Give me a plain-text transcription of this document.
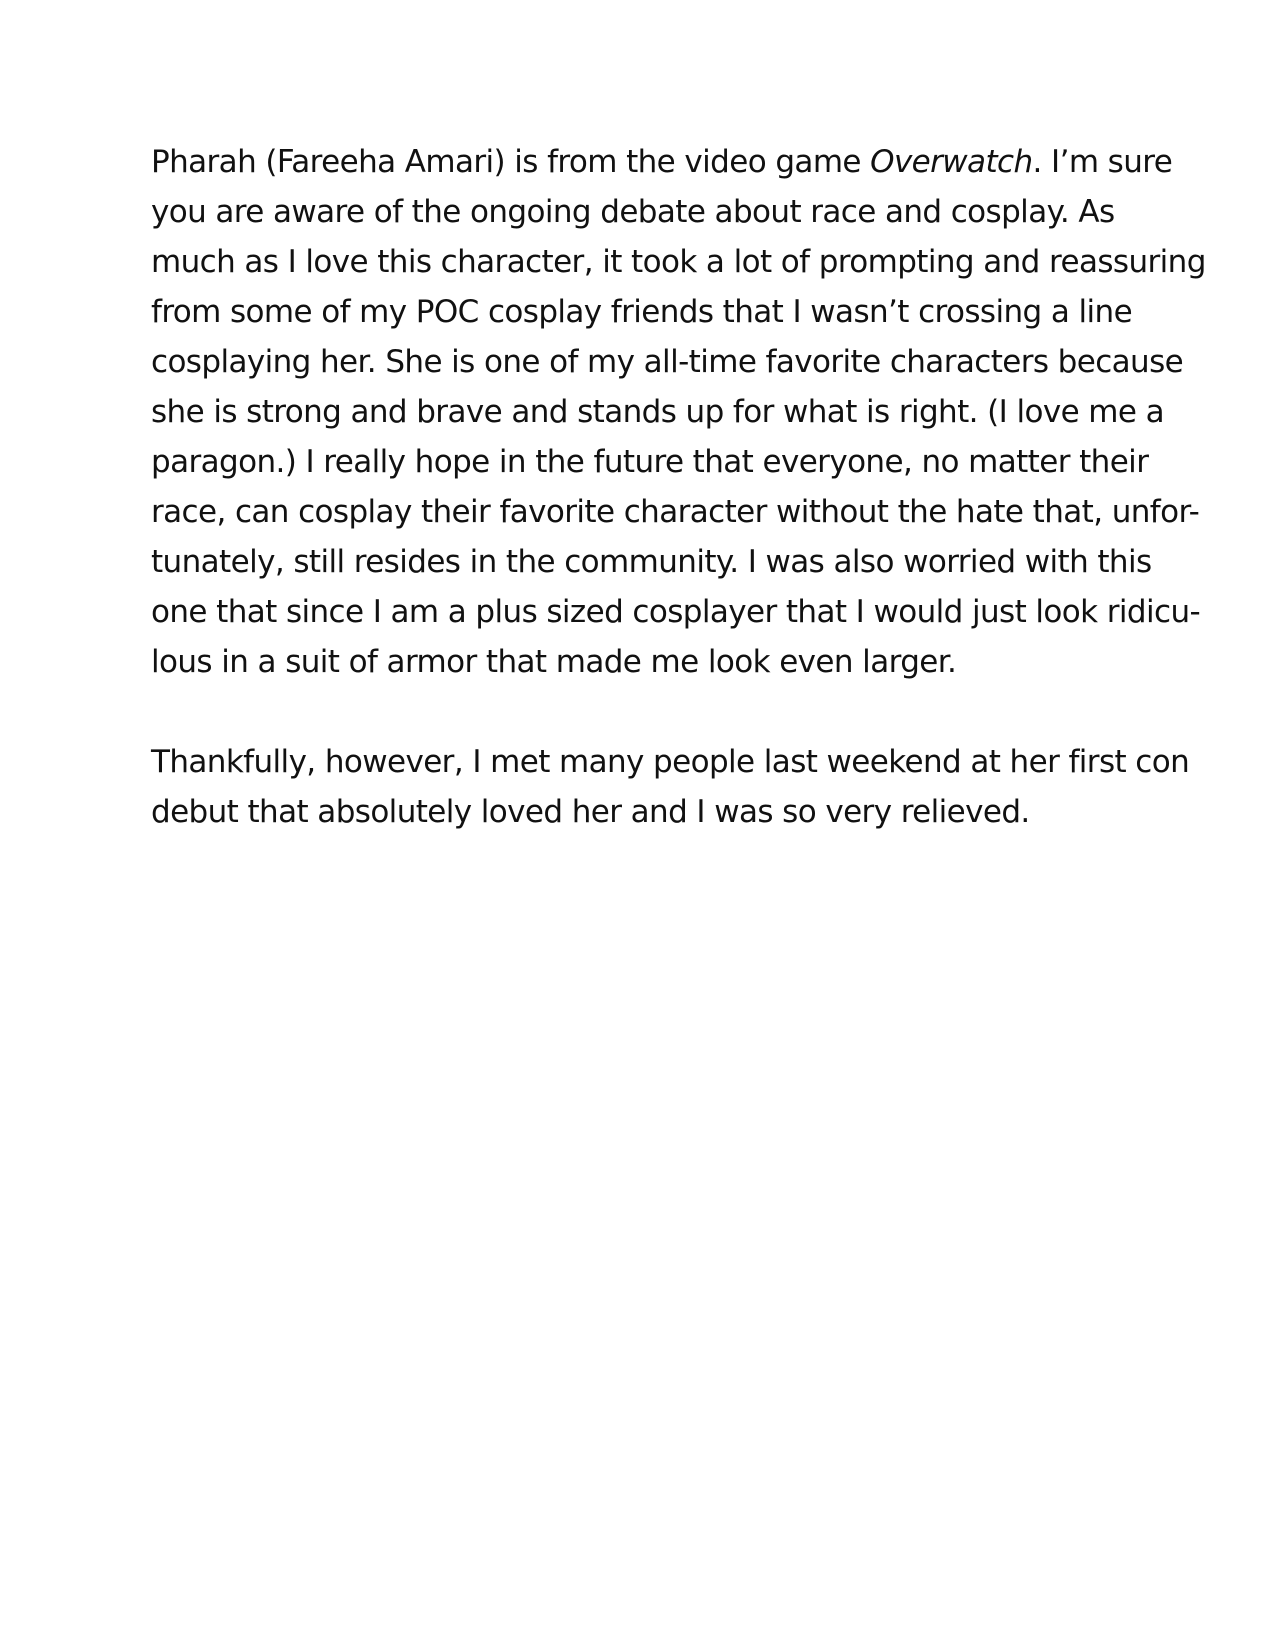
Pharah (Fareeha Amari) is from the video game Overwatch. I’m sure
you are aware of the ongoing debate about race and cosplay. As
much as I love this character, it took a lot of prompting and reassuring
from some of my POC cosplay friends that I wasn’t crossing a line
cosplaying her. She is one of my all-time favorite characters because
she is strong and brave and stands up for what is right. (I love me a
paragon.) I really hope in the future that everyone, no matter their
race, can cosplay their favorite character without the hate that, unfor-
tunately, still resides in the community. I was also worried with this
one that since I am a plus sized cosplayer that I would just look ridicu-
lous in a suit of armor that made me look even larger.
Thankfully, however, I met many people last weekend at her first con
debut that absolutely loved her and I was so very relieved.
